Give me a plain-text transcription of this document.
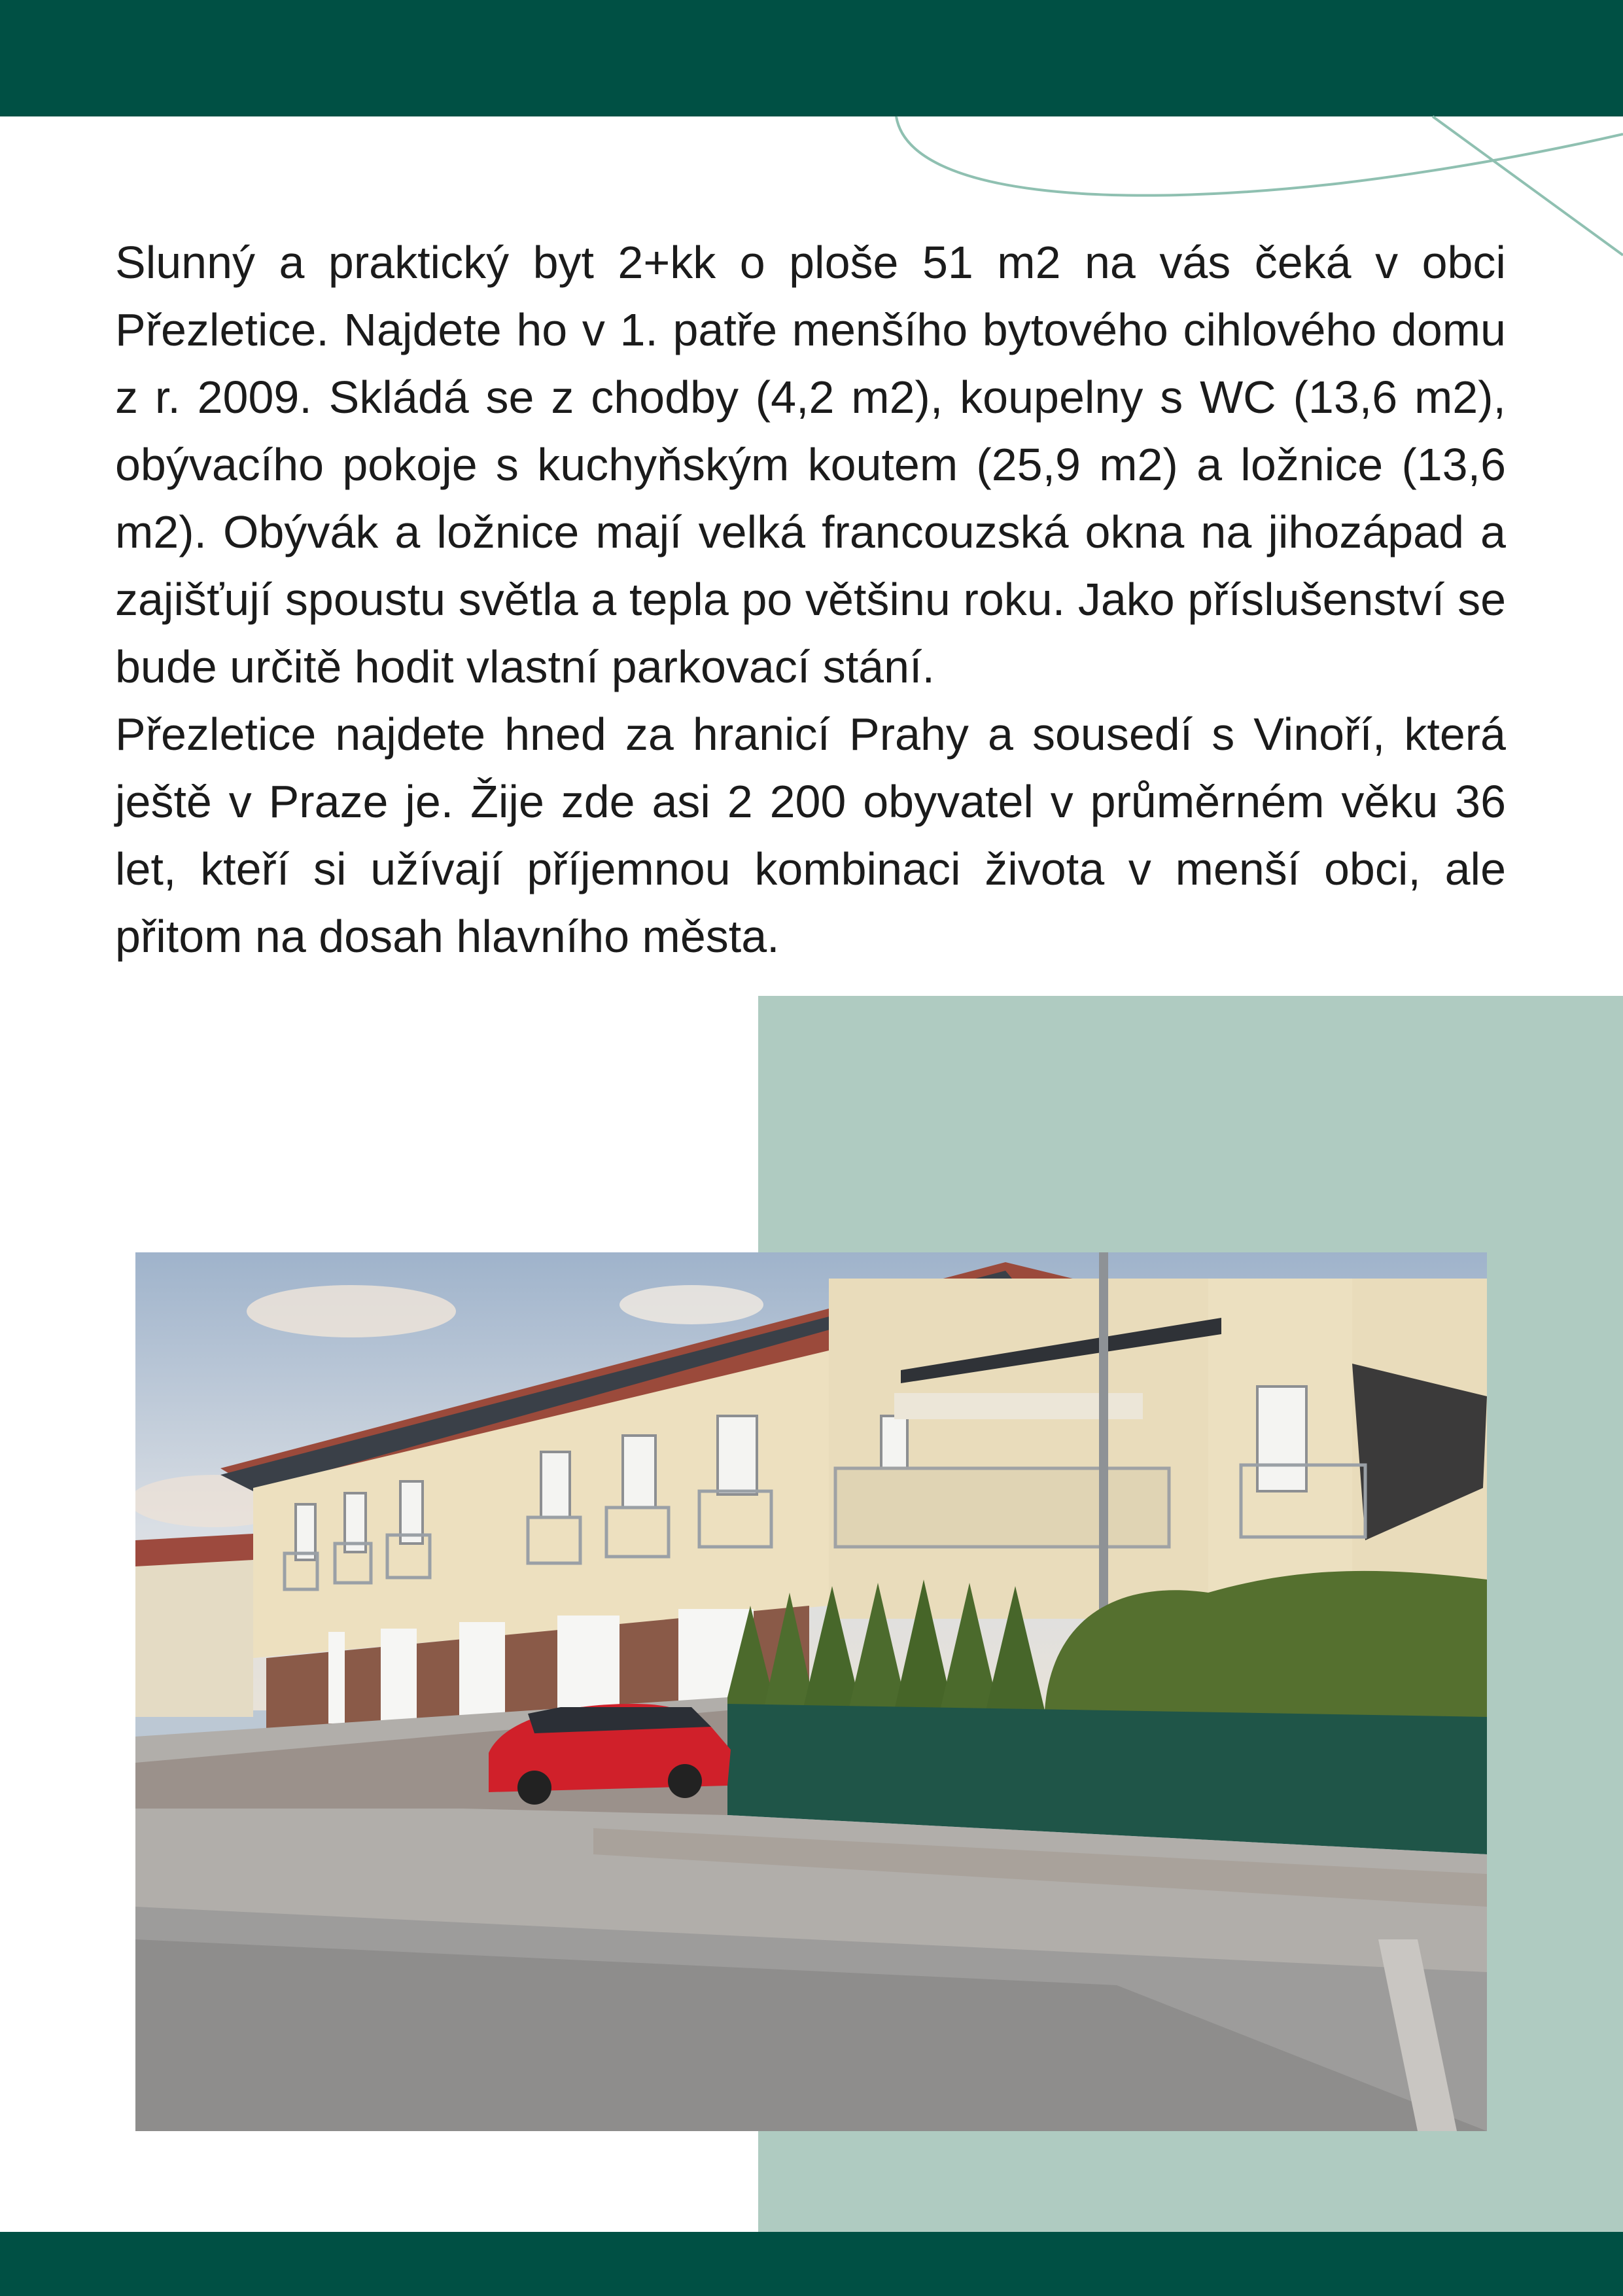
Slunný a praktický byt 2+kk o ploše 51 m2 na vás čeká v obci Přezletice. Najdete ho v 1. patře menšího bytového cihlového domu z r. 2009. Skládá se z chodby (4,2 m2), koupelny s WC (13,6 m2), obývacího pokoje s kuchyňským koutem (25,9 m2) a ložnice (13,6 m2). Obývák a ložnice mají velká francouzská okna na jihozápad a zajišťují spoustu světla a tepla po většinu roku. Jako příslušenství se bude určitě hodit vlastní parkovací stání.

Přezletice najdete hned za hranicí Prahy a sousedí s Vinoří, která ještě v Praze je. Žije zde asi 2 200 obyvatel v průměrném věku 36 let, kteří si užívají příjemnou kombinaci života v menší obci, ale přitom na dosah hlavního města.
